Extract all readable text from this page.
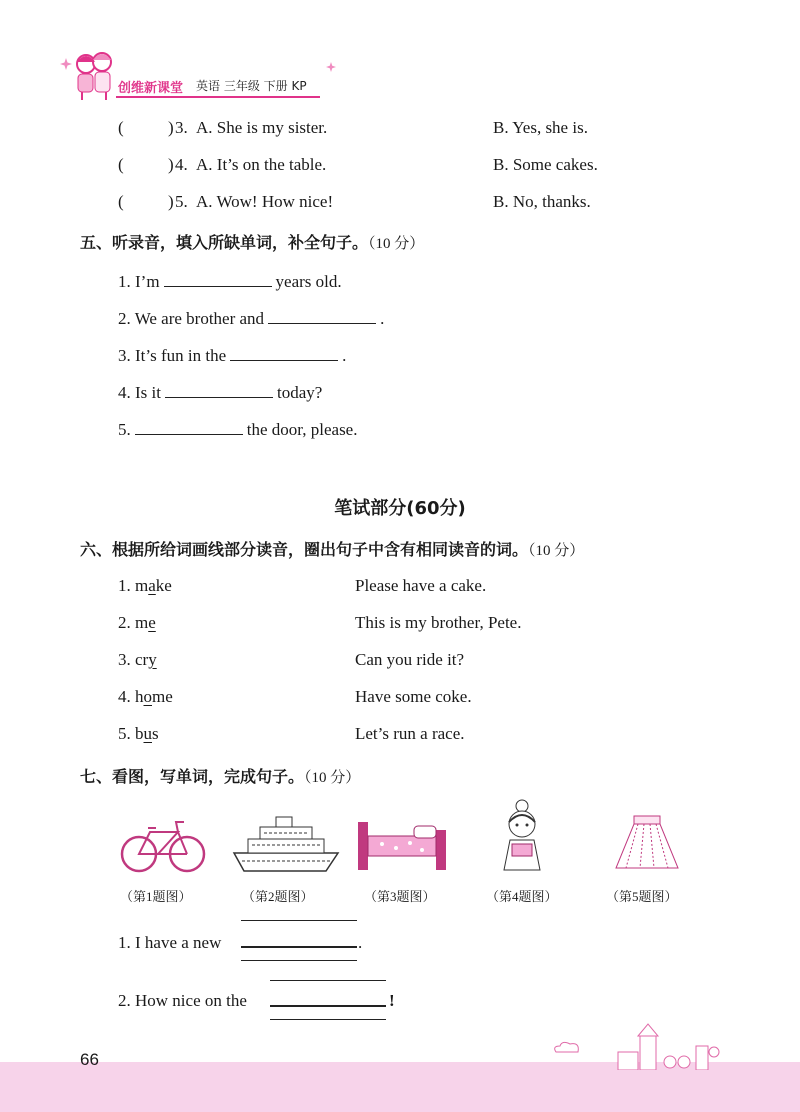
创维新课堂 英语 三年级 下册 KP
(	) 3. A. She is my sister.	B. Yes, she is.
(	) 4. A. It’s on the table.	B. Some cakes.
(	) 5. A. Wow! How nice!	B. No, thanks.
五、听录音，填入所缺单词，补全句子。（10 分）
1. I’m	years old.
2. We are brother and	.
3. It’s fun in the	.
4. Is it	today?
5.	the door, please.
笔试部分(60分)
六、根据所给词画线部分读音，圈出句子中含有相同读音的词。（10 分）
1. make	Please have a cake.
2. me	This is my brother, Pete.
3. cry	Can you ride it?
4. home	Have some coke.
5. bus	Let’s run a race.
七、看图，写单词，完成句子。（10 分）
（第1题图）	（第2题图）	（第3题图）	（第4题图）	（第5题图）
1. I have a new	.
2. How nice on the	!
66
